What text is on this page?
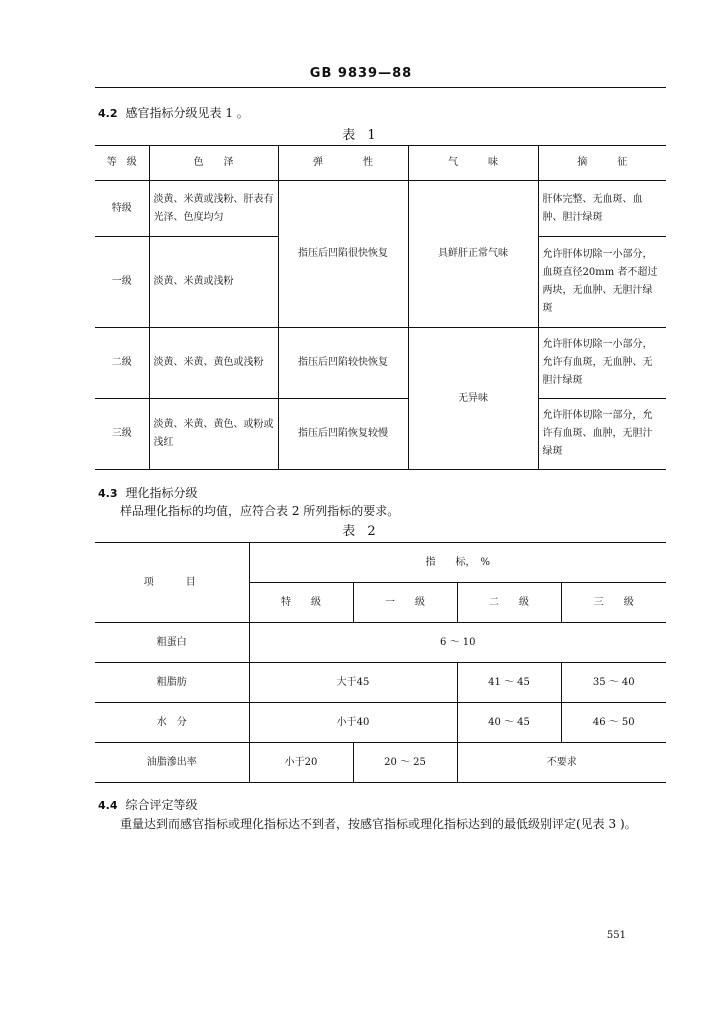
GB 9839—88
4.2 感官指标分级见表 1 。
表 1
等　级	色　　泽	弹　　　　性	气　　　味	摘　　　征
特级	淡黄、米黄或浅粉、肝表有光泽、色度均匀	指压后凹陷很快恢复	具鲜肝正常气味	肝体完整、无血斑、血肿、胆汁绿斑
一级	淡黄、米黄或浅粉			允许肝体切除一小部分，血斑直径20mm 者不超过两块，无血肿、无胆汁绿斑
二级	淡黄、米黄、黄色或浅粉	指压后凹陷较快恢复	无异味	允许肝体切除一小部分，允许有血斑，无血肿、无胆汁绿斑
三级	淡黄、米黄、黄色、或粉或浅红	指压后凹陷恢复较慢		允许肝体切除一部分，允许有血斑、血肿，无胆汁绿斑
4.3 理化指标分级
样品理化指标的均值，应符合表 2 所列指标的要求。
表 2
项　　目	指　　标，　%			
	特　　级	一　　级	二　　级	三　　级
粗蛋白	6 ～ 10			
粗脂肪	大于45		41 ～ 45	35 ～ 40
水　分	小于40		40 ～ 45	46 ～ 50
油脂滲出率	小于20	20 ～ 25	不要求	
4.4 综合评定等级
重量达到而感官指标或理化指标达不到者，按感官指标或理化指标达到的最低级别评定(见表 3 )。
551
